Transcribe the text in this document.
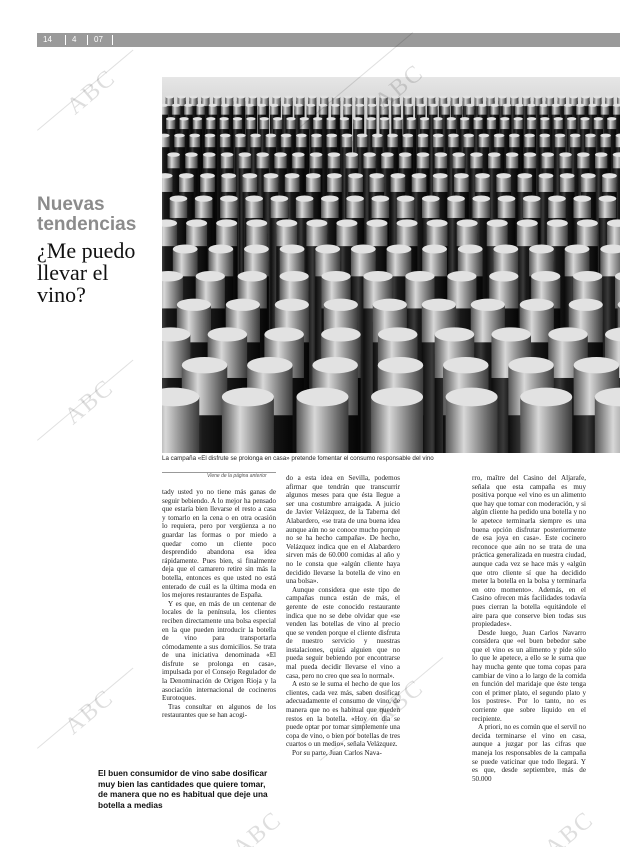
14	4	07
La campaña «El disfrute se prolonga en casa» pretende fomentar el consumo responsable del vino
Nuevas
tendencias
¿Me puedo llevar el vino?
Viene de la página anterior

tady usted yo no tiene más ganas de seguir bebiendo. A lo mejor ha pensado que estaría bien llevarse el resto a casa y tomarlo en la cena o en otra ocasión lo requiera, pero por vergüenza a no guardar las formas o por miedo a quedar como un cliente poco desprendido abandona esa idea rápidamente. Pues bien, si finalmente deja que el camarero retire sin más la botella, entonces es que usted no está enterado de cuál es la última moda en los mejores restaurantes de España.

Y es que, en más de un centenar de locales de la península, los clientes reciben directamente una bolsa especial en la que pueden introducir la botella de vino para transportarla cómodamente a sus domicilios. Se trata de una iniciativa denominada «El disfrute se prolonga en casa», impulsada por el Consejo Regulador de la Denominación de Origen Rioja y la asociación internacional de cocineros Eurotoques.

Tras consultar en algunos de los restaurantes que se han acogi-

do a esta idea en Sevilla, podemos afirmar que tendrán que transcurrir algunos meses para que ésta llegue a ser una costumbre arraigada. A juicio de Javier Velázquez, de la Taberna del Alabardero, «se trata de una buena idea aunque aún no se conoce mucho porque no se ha hecho campaña». De hecho, Velázquez indica que en el Alabardero sirven más de 60.000 comidas al año y no le consta que «algún cliente haya decidido llevarse la botella de vino en una bolsa».

Aunque considera que este tipo de campañas nunca están de más, el gerente de este conocido restaurante indica que no se debe olvidar que «se venden las botellas de vino al precio que se venden porque el cliente disfruta de nuestro servicio y nuestras instalaciones, quizá alguien que no pueda seguir bebiendo por encontrarse mal pueda decidir llevarse el vino a casa, pero no creo que sea lo normal».

A esto se le suma el hecho de que los clientes, cada vez más, saben dosificar adecuadamente el consumo de vino, de manera que no es habitual que queden restos en la botella. «Hoy en día se puede optar por tomar simplemente una copa de vino, o bien por botellas de tres cuartos o un medio», señala Velázquez.

Por su parte, Juan Carlos Nava-

rro, maître del Casino del Aljarafe, señala que esta campaña es muy positiva porque «el vino es un alimento que hay que tomar con moderación, y si algún cliente ha pedido una botella y no le apetece terminarla siempre es una buena opción disfrutar posteriormente de esa joya en casa». Este cocinero reconoce que aún no se trata de una práctica generalizada en nuestra ciudad, aunque cada vez se hace más y «algún que otro cliente sí que ha decidido meter la botella en la bolsa y terminarla en otro momento». Además, en el Casino ofrecen más facilidades todavía pues cierran la botella «quitándole el aire para que conserve bien todas sus propiedades».

Desde luego, Juan Carlos Navarro considera que «el buen bebedor sabe que el vino es un alimento y pide sólo lo que le apetece, a ello se le suma que hay mucha gente que toma copas para cambiar de vino a lo largo de la comida en función del maridaje que éste tenga con el primer plato, el segundo plato y los postres». Por lo tanto, no es corriente que sobre líquido en el recipiente.

A priori, no es común que el servil no decida terminarse el vino en casa, aunque a juzgar por las cifras que maneja los responsables de la campaña se puede vaticinar que todo llegará. Y es que, desde septiembre, más de 50.000

El buen consumidor de vino sabe dosificar muy bien las cantidades que quiere tomar, de manera que no es habitual que deje una botella a medias
ABC	ABC
ABC
ABC	ABC
ABC	ABC
